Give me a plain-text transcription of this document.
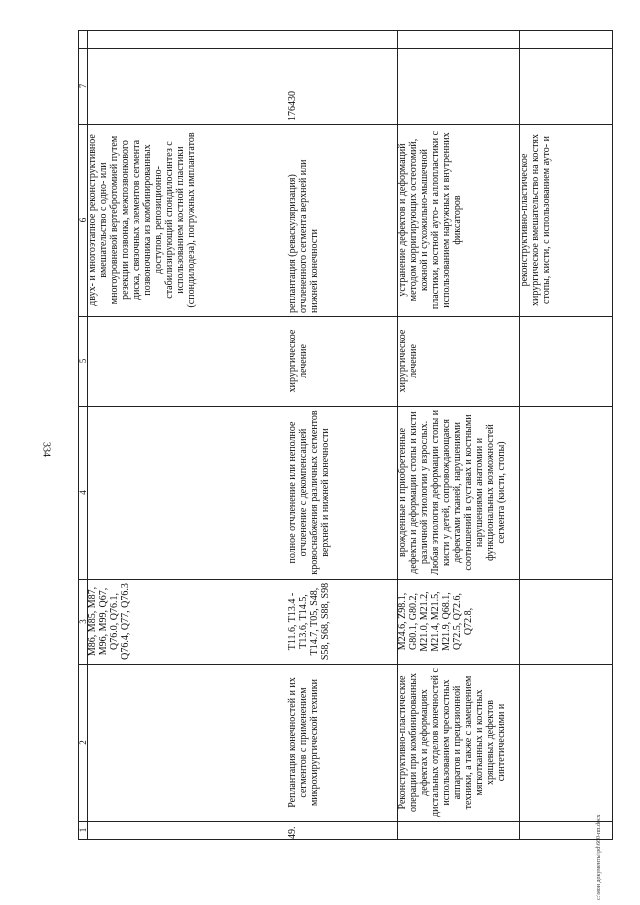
334
c:\мои документы\pd\660-пп.docx
1
2
3
4
5
6
7
M86, M85, M87, M96, M99, Q67, Q76.0, Q76.1, Q76.4, Q77, Q76.3
двух- и многоэтапное реконструктивное вмешательство с одно- или многоуровневой вертебротомией путем резекции позвонка, межпозвонкового диска, связочных элементов сегмента позвоночника из комбинированных доступов, репозиционно-стабилизирующий спондилосинтез с использованием костной пластики (спондилодеза), погружных имплантатов
49.
Реплантация конечностей и их сегментов с применением микрохирургической техники
T11.6, T13.4 - T13.6, T14.5, T14.7, T05, S48, S58, S68, S88, S98
полное отчленение или неполное отчленение с декомпенсацией кровоснабжения различных сегментов верхней и нижней конечности
хирургическое лечение
реплантация (реваскуляризация) отчлененного сегмента верхней или нижней конечности
176430
Реконструктивно-пластические операции при комбинированных дефектах и деформациях дистальных отделов конечностей с использованием чрескостных аппаратов и прецизионной техники, а также с замещением мягкотканных и костных хрящевых дефектов синтетическими и
M24.6, Z98.1, G80.1, G80.2, M21.0, M21.2, M21.4, M21.5, M21.9, Q68.1, Q72.5, Q72.6, Q72.8,
врожденные и приобретенные дефекты и деформации стопы и кисти различной этиологии у взрослых. Любая этиология деформации стопы и кисти у детей, сопровождающаяся дефектами тканей, нарушениями соотношений в суставах и костными нарушениями анатомии и функциональных возможностей сегмента (кисти, стопы)
хирургическое лечение
устранение дефектов и деформаций методом корригирующих остеотомий, кожной и сухожильно-мышечной пластики, костной ауто- и аллопластики с использованием наружных и внутренних фиксаторов	реконструктивно-пластическое хирургическое вмешательство на костях стопы, кисти, с использованием ауто- и
